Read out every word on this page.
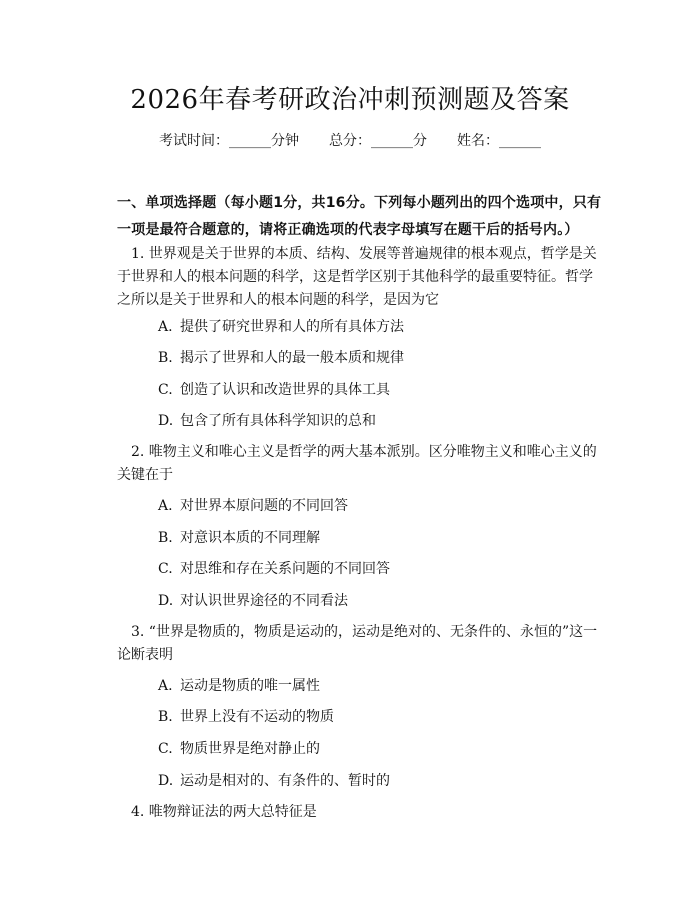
2026年春考研政治冲刺预测题及答案
考试时间：______分钟 总分：______分 姓名：______
一、单项选择题（每小题1分，共16分。下列每小题列出的四个选项中，只有一项是最符合题意的，请将正确选项的代表字母填写在题干后的括号内。）
1. 世界观是关于世界的本质、结构、发展等普遍规律的根本观点，哲学是关于世界和人的根本问题的科学，这是哲学区别于其他科学的最重要特征。哲学之所以是关于世界和人的根本问题的科学，是因为它
A. 提供了研究世界和人的所有具体方法
B. 揭示了世界和人的最一般本质和规律
C. 创造了认识和改造世界的具体工具
D. 包含了所有具体科学知识的总和
2. 唯物主义和唯心主义是哲学的两大基本派别。区分唯物主义和唯心主义的关键在于
A. 对世界本原问题的不同回答
B. 对意识本质的不同理解
C. 对思维和存在关系问题的不同回答
D. 对认识世界途径的不同看法
3. “世界是物质的，物质是运动的，运动是绝对的、无条件的、永恒的”这一论断表明
A. 运动是物质的唯一属性
B. 世界上没有不运动的物质
C. 物质世界是绝对静止的
D. 运动是相对的、有条件的、暂时的
4. 唯物辩证法的两大总特征是
